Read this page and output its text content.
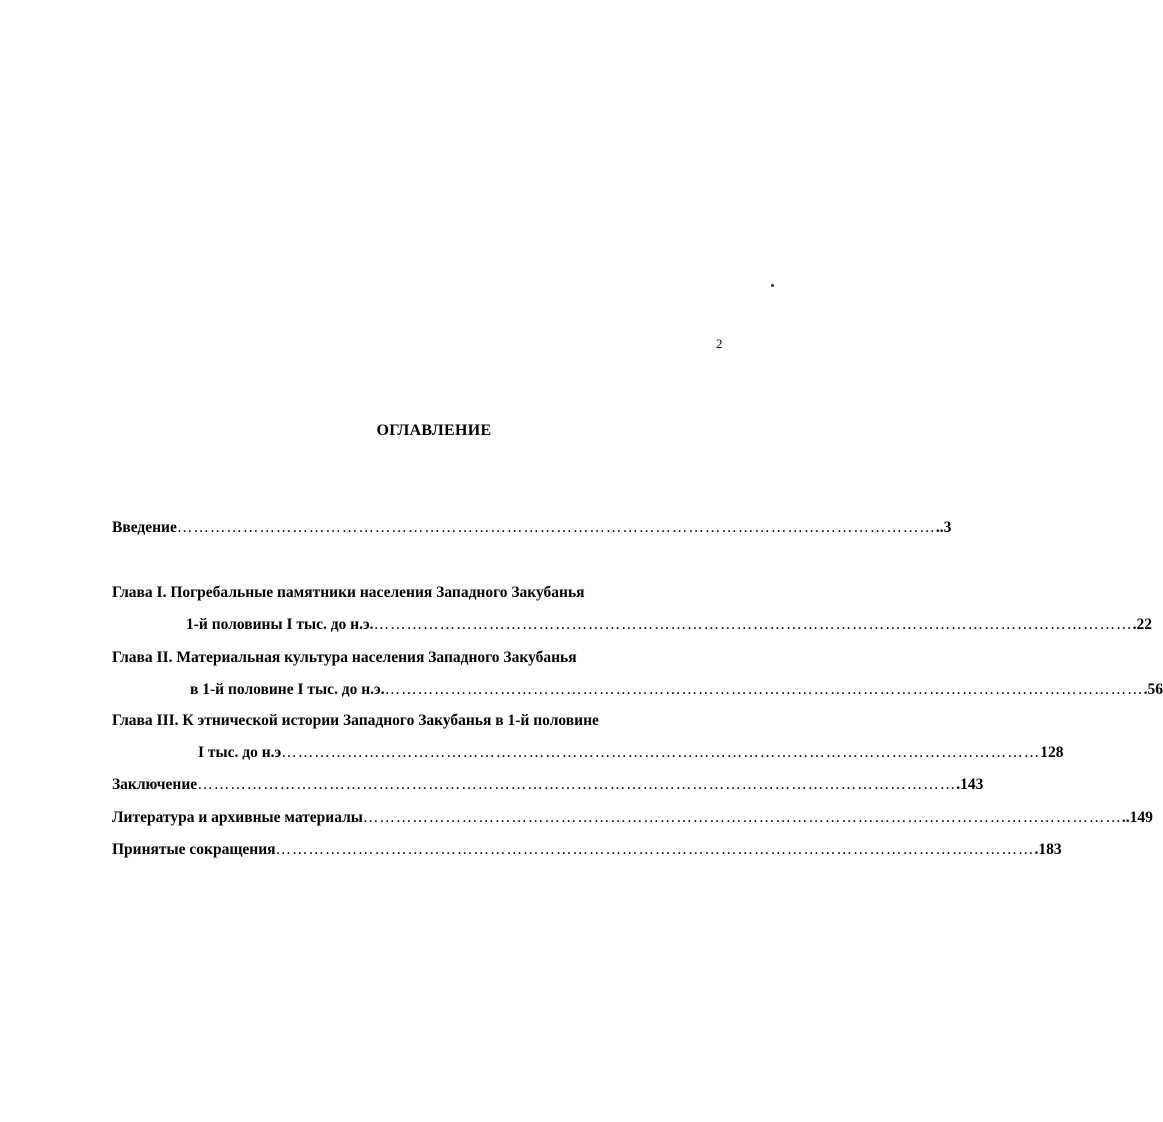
2
ОГЛАВЛЕНИЕ
Введение ………………………………………………………………………………………………………………………… ..3
Глава I. Погребальные памятники населения Западного Закубанья
1-й половины I тыс. до н.э. ………………………………………………………………………………………………………………………… .22
Глава II. Материальная культура населения Западного Закубанья
в 1-й половине I тыс. до н.э. ………………………………………………………………………………………………………………………… .56
Глава III. К этнической истории Западного Закубанья в 1-й половине
I тыс. до н.э ………………………………………………………………………………………………………………………… 128
Заключение ………………………………………………………………………………………………………………………… .143
Литература и архивные материалы ………………………………………………………………………………………………………………………… ..149
Принятые сокращения ………………………………………………………………………………………………………………………… .183
